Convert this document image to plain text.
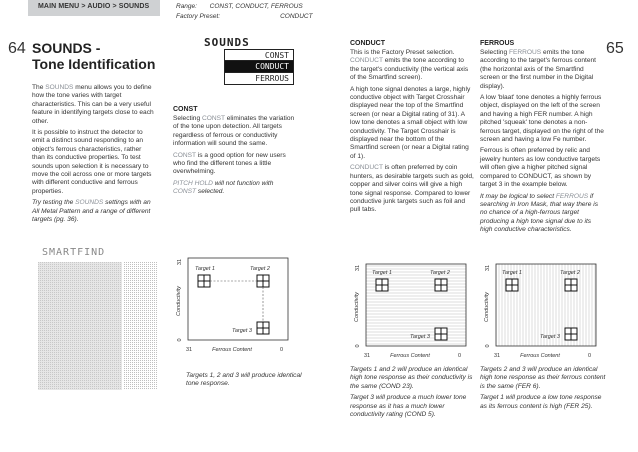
MAIN MENU > AUDIO > SOUNDS	Range: CONST, CONDUCT, FERROUS
Factory Preset:	CONDUCT
64	65
SOUNDS -
Tone Identification

The SOUNDS menu allows you to define how the tone varies with target characteristics. This can be a very useful feature in identifying targets close to each other.

It is possible to instruct the detector to emit a distinct sound responding to an object's ferrous characteristics, rather than its conductive properties. To test sounds upon selection it is necessary to move the coil across one or more targets with different conductive and ferrous properties.

Try testing the SOUNDS settings with an All Metal Pattern and a range of different targets (pg. 36).

SOUNDS
CONST
CONDUCT
FERROUS
CONST

Selecting CONST eliminates the variation of the tone upon detection. All targets regardless of ferrous or conductivity information will sound the same.

CONST is a good option for new users who find the different tones a little overwhelming.

PITCH HOLD will not function with CONST selected.

CONDUCT

This is the Factory Preset selection. CONDUCT emits the tone according to the target's conductivity (the vertical axis of the Smartfind screen).

A high tone signal denotes a large, highly conductive object with Target Crosshair displayed near the top of the Smartfind screen (or near a Digital rating of 31). A low tone denotes a small object with low conductivity. The Target Crosshair is displayed near the bottom of the Smartfind screen (or near a Digital rating of 1).

CONDUCT is often preferred by coin hunters, as desirable targets such as gold, copper and silver coins will give a high tone signal response. Compared to lower conductive junk targets such as foil and pull tabs.

FERROUS

Selecting FERROUS emits the tone according to the target's ferrous content (the horizontal axis of the Smartfind screen or the first number in the Digital display).

A low 'blaat' tone denotes a highly ferrous object, displayed on the left of the screen and having a high FER number. A high pitched 'squeak' tone denotes a non-ferrous target, displayed on the right of the screen and having a low Fe number.

Ferrous is often preferred by relic and jewelry hunters as low conductive targets will often give a higher pitched signal compared to CONDUCT, as shown by target 3 in the example below.

It may be logical to select FERROUS if searching in Iron Mask, that way there is no chance of a high-ferrous target producing a high tone signal due to its high conductive characteristics.

SMARTFIND
Conductivity
31
0
31	0
Ferrous Content
Target 1	Target 2
Target 3
Targets 1, 2 and 3 will produce identical tone response.
Conductivity
31
0
31	0
Ferrous Content
Target 1	Target 2
Target 3
Targets 1 and 2 will produce an identical high tone response as their conductivity is the same (COND 23).
Target 3 will produce a much lower tone response as it has a much lower conductivity rating (COND 5).
Conductivity
31
0
31	0
Ferrous Content
Target 1	Target 2
Target 3
Targets 2 and 3 will produce an identical high tone response as their ferrous content is the same (FER 6).
Target 1 will produce a low tone response as its ferrous content is high (FER 25).
